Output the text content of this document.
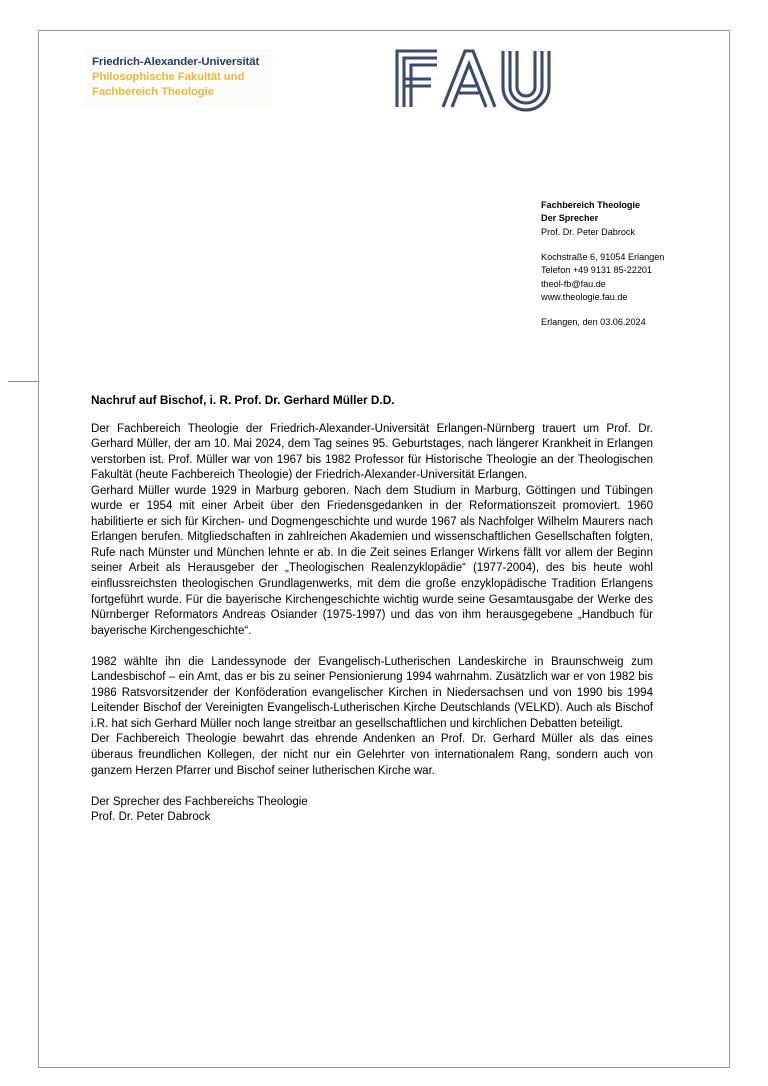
Friedrich-Alexander-Universität
Philosophische Fakultät und
Fachbereich Theologie
Fachbereich Theologie
Der Sprecher
Prof. Dr. Peter Dabrock
Kochstraße 6, 91054 Erlangen
Telefon +49 9131 85-22201
theol-fb@fau.de
www.theologie.fau.de
Erlangen, den 03.06.2024

Nachruf auf Bischof, i. R. Prof. Dr. Gerhard Müller D.D.

Der Fachbereich Theologie der Friedrich-Alexander-Universität Erlangen-Nürnberg trauert um Prof. Dr. Gerhard Müller, der am 10. Mai 2024, dem Tag seines 95. Geburtstages, nach längerer Krankheit in Erlangen verstorben ist. Prof. Müller war von 1967 bis 1982 Professor für Historische Theologie an der Theologischen Fakultät (heute Fachbereich Theologie) der Friedrich-Alexander-Universität Erlangen.

Gerhard Müller wurde 1929 in Marburg geboren. Nach dem Studium in Marburg, Göttingen und Tübingen wurde er 1954 mit einer Arbeit über den Friedensgedanken in der Reformationszeit promoviert. 1960 habilitierte er sich für Kirchen- und Dogmengeschichte und wurde 1967 als Nachfolger Wilhelm Maurers nach Erlangen berufen. Mitgliedschaften in zahlreichen Akademien und wissenschaftlichen Gesellschaften folgten, Rufe nach Münster und München lehnte er ab. In die Zeit seines Erlanger Wirkens fällt vor allem der Beginn seiner Arbeit als Herausgeber der „Theologischen Realenzyklopädie“ (1977-2004), des bis heute wohl einflussreichsten theologischen Grundlagenwerks, mit dem die große enzyklopädische Tradition Erlangens fortgeführt wurde. Für die bayerische Kirchengeschichte wichtig wurde seine Gesamtausgabe der Werke des Nürnberger Reformators Andreas Osiander (1975-1997) und das von ihm herausgegebene „Handbuch für bayerische Kirchengeschichte“.

1982 wählte ihn die Landessynode der Evangelisch-Lutherischen Landeskirche in Braunschweig zum Landesbischof – ein Amt, das er bis zu seiner Pensionierung 1994 wahrnahm. Zusätzlich war er von 1982 bis 1986 Ratsvorsitzender der Konföderation evangelischer Kirchen in Niedersachsen und von 1990 bis 1994 Leitender Bischof der Vereinigten Evangelisch-Lutherischen Kirche Deutschlands (VELKD). Auch als Bischof i.R. hat sich Gerhard Müller noch lange streitbar an gesellschaftlichen und kirchlichen Debatten beteiligt.

Der Fachbereich Theologie bewahrt das ehrende Andenken an Prof. Dr. Gerhard Müller als das eines überaus freundlichen Kollegen, der nicht nur ein Gelehrter von internationalem Rang, sondern auch von ganzem Herzen Pfarrer und Bischof seiner lutherischen Kirche war.

Der Sprecher des Fachbereichs Theologie

Prof. Dr. Peter Dabrock
